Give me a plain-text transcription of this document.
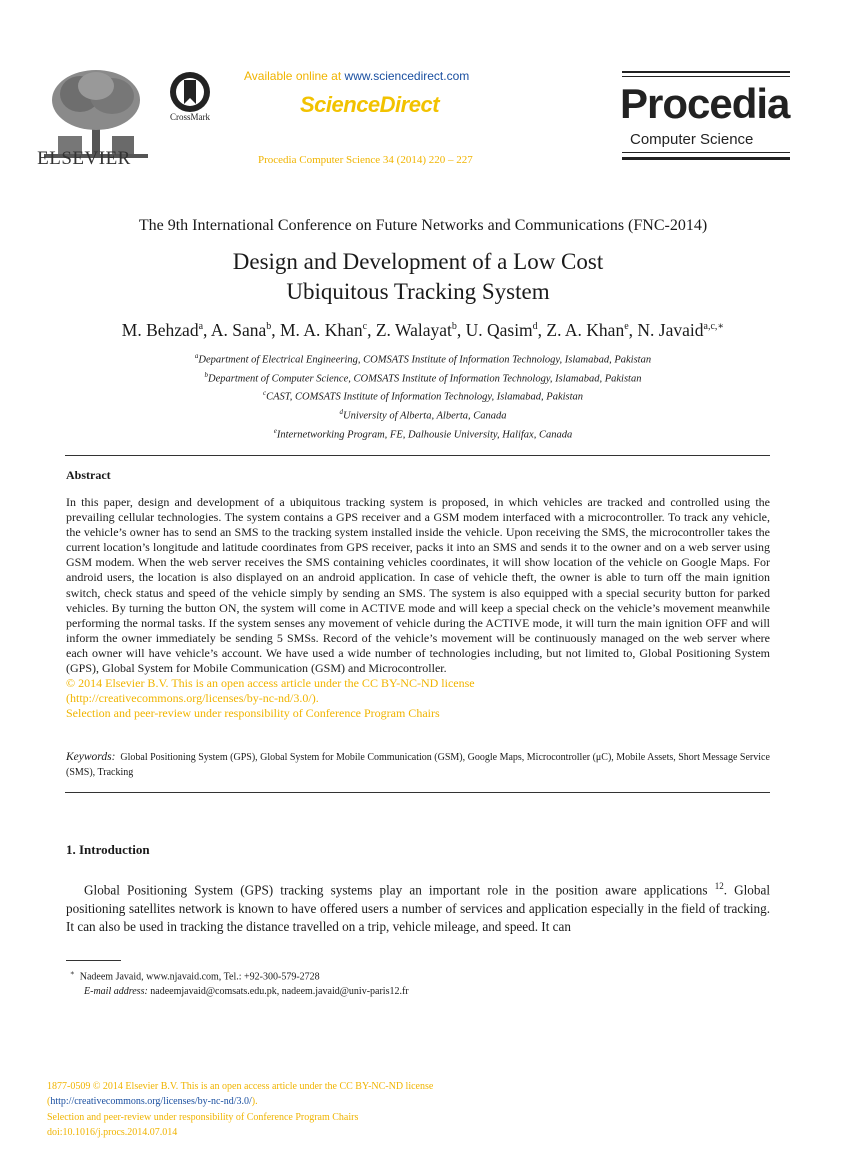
ELSEVIER
CrossMark
Available online at www.sciencedirect.com
ScienceDirect
Procedia Computer Science 34 (2014) 220 – 227
Procedia
Computer Science
The 9th International Conference on Future Networks and Communications (FNC-2014)
Design and Development of a Low Cost
Ubiquitous Tracking System
M. Behzad$^a$, A. Sana$^b$, M. A. Khan$^c$, Z. Walayat$^b$, U. Qasim$^d$, Z. A. Khan$^e$, N. Javaid$^{a,c,∗}$
$^a$Department of Electrical Engineering, COMSATS Institute of Information Technology, Islamabad, Pakistan
$^b$Department of Computer Science, COMSATS Institute of Information Technology, Islamabad, Pakistan
$^c$CAST, COMSATS Institute of Information Technology, Islamabad, Pakistan
$^d$University of Alberta, Alberta, Canada
$^e$Internetworking Program, FE, Dalhousie University, Halifax, Canada
Abstract
In this paper, design and development of a ubiquitous tracking system is proposed, in which vehicles are tracked and controlled using the prevailing cellular technologies. The system contains a GPS receiver and a GSM modem interfaced with a microcontroller. To track any vehicle, the vehicle’s owner has to send an SMS to the tracking system installed inside the vehicle. Upon receiving the SMS, the microcontroller takes the current location’s longitude and latitude coordinates from GPS receiver, packs it into an SMS and sends it to the owner and on a web server using GSM modem. When the web server receives the SMS containing vehicles coordinates, it will show location of the vehicle on Google Maps. For android users, the location is also displayed on an android application. In case of vehicle theft, the owner is able to turn off the main ignition switch, check status and speed of the vehicle simply by sending an SMS. The system is also equipped with a special security button for parked vehicles. By turning the button ON, the system will come in ACTIVE mode and will keep a special check on the vehicle’s movement meanwhile performing the normal tasks. If the system senses any movement of vehicle during the ACTIVE mode, it will turn the main ignition OFF and will inform the owner immediately be sending 5 SMSs. Record of the vehicle’s movement will be continuously managed on the web server where each owner will have vehicle’s account. We have used a wide number of technologies including, but not limited to, Global Positioning System (GPS), Global System for Mobile Communication (GSM) and Microcontroller.
© 2014 Elsevier B.V. This is an open access article under the CC BY-NC-ND license
(http://creativecommons.org/licenses/by-nc-nd/3.0/).
Selection and peer-review under responsibility of Conference Program Chairs
Keywords: Global Positioning System (GPS), Global System for Mobile Communication (GSM), Google Maps, Microcontroller (μC), Mobile Assets, Short Message Service (SMS), Tracking
1. Introduction
Global Positioning System (GPS) tracking systems play an important role in the position aware applications $^{12}$. Global positioning satellites network is known to have offered users a number of services and application especially in the field of tracking. It can also be used in tracking the distance travelled on a trip, vehicle mileage, and speed. It can
∗ Nadeem Javaid, www.njavaid.com, Tel.: +92-300-579-2728
E-mail address: nadeemjavaid@comsats.edu.pk, nadeem.javaid@univ-paris12.fr
1877-0509 © 2014 Elsevier B.V. This is an open access article under the CC BY-NC-ND license
(http://creativecommons.org/licenses/by-nc-nd/3.0/).
Selection and peer-review under responsibility of Conference Program Chairs
doi:10.1016/j.procs.2014.07.014
